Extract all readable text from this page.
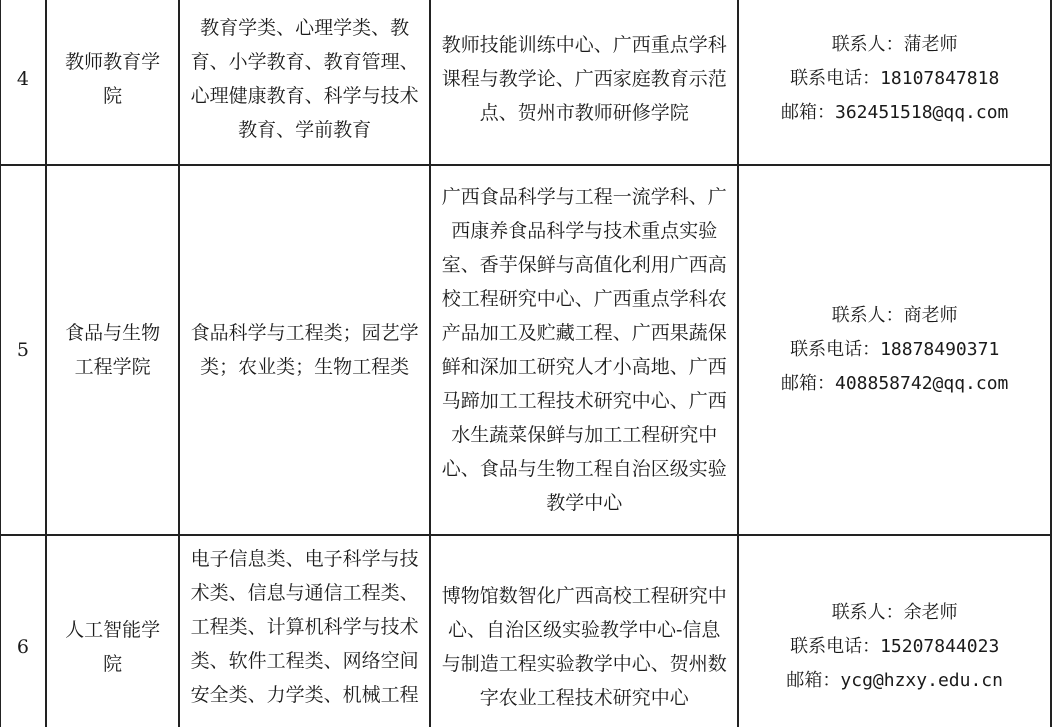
4	教师教育学院	教育学类、心理学类、教育、小学教育、教育管理、心理健康教育、科学与技术教育、学前教育	教师技能训练中心、广西重点学科课程与教学论、广西家庭教育示范点、贺州市教师研修学院	联系人：蒲老师
联系电话：18107847818
邮箱：362451518@qq.com

5	食品与生物工程学院	食品科学与工程类；园艺学类；农业类；生物工程类	广西食品科学与工程一流学科、广西康养食品科学与技术重点实验室、香芋保鲜与高值化利用广西高校工程研究中心、广西重点学科农产品加工及贮藏工程、广西果蔬保鲜和深加工研究人才小高地、广西马蹄加工工程技术研究中心、广西水生蔬菜保鲜与加工工程研究中心、食品与生物工程自治区级实验教学中心	联系人：商老师
联系电话：18878490371
邮箱：408858742@qq.com

6	人工智能学院	电子信息类、电子科学与技术类、信息与通信工程类、工程类、计算机科学与技术类、软件工程类、网络空间安全类、力学类、机械工程	博物馆数智化广西高校工程研究中心、自治区级实验教学中心-信息与制造工程实验教学中心、贺州数字农业工程技术研究中心	联系人：余老师
联系电话：15207844023
邮箱：ycg@hzxy.edu.cn
